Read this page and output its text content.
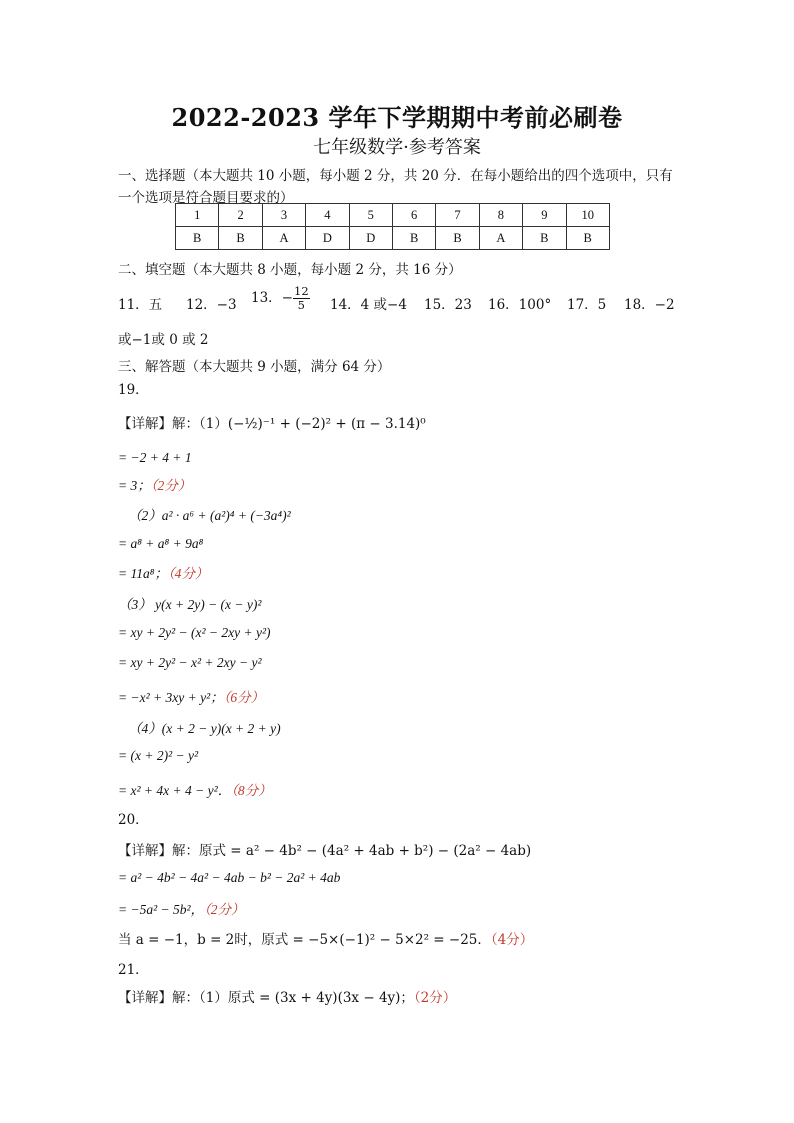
2022-2023 学年下学期期中考前必刷卷
七年级数学·参考答案
一、选择题（本大题共 10 小题，每小题 2 分，共 20 分．在每小题给出的四个选项中，只有
一个选项是符合题目要求的）
1	2	3	4	5	6	7	8	9	10
B	B	A	D	D	B	B	A	B	B
二、填空题（本大题共 8 小题，每小题 2 分，共 16 分）
11．五 12．−3 13．− $\frac{12}{5} 14$．4 或−4 15．23 16．100° 17．5 18．−2
或−1或 0 或 2
三、解答题（本大题共 9 小题，满分 64 分）
19．
【详解】解：（1）(−½)⁻¹ + (−2)² + (π − 3.14)⁰
= −2 + 4 + 1
= 3；（2分）
（2）a² · a⁶ + (a²)⁴ + (−3a⁴)²
= a⁸ + a⁸ + 9a⁸
= 11a⁸；（4分）
（3） y(x + 2y) − (x − y)²
= xy + 2y² − (x² − 2xy + y²)
= xy + 2y² − x² + 2xy − y²
= −x² + 3xy + y²；（6分）
（4）(x + 2 − y)(x + 2 + y)
= (x + 2)² − y²
= x² + 4x + 4 − y²．（8分）
20．
【详解】解：原式 = a² − 4b² − (4a² + 4ab + b²) − (2a² − 4ab)
= a² − 4b² − 4a² − 4ab − b² − 2a² + 4ab
= −5a² − 5b²，（2分）
当 a = −1，b = 2时，原式 = −5×(−1)² − 5×2² = −25．（4分）
21．
【详解】解：（1）原式 = (3x + 4y)(3x − 4y)；（2分）
